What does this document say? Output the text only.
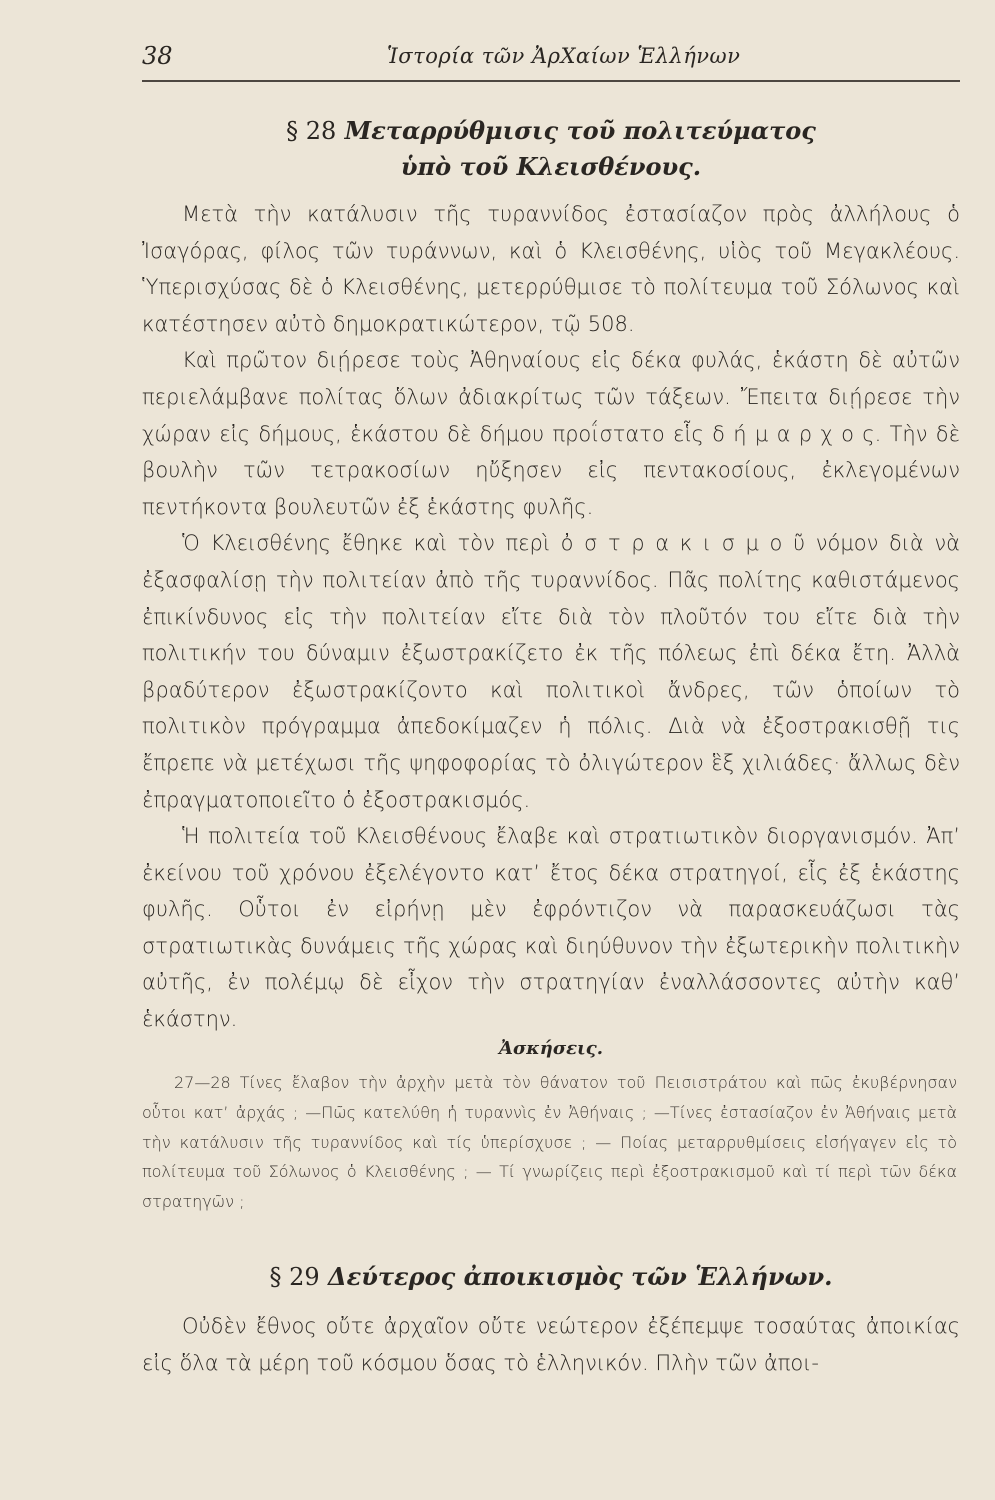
38	Ἱστορία τῶν ἈρΧαίων Ἑλλήνων
§ 28 Μεταρρύθμισις τοῦ πολιτεύματος
ὑπὸ τοῦ Κλεισθένους.

Μετὰ τὴν κατάλυσιν τῆς τυραννίδος ἐστασίαζον πρὸς ἀλλήλους ὁ Ἰσαγόρας, φίλος τῶν τυράννων, καὶ ὁ Κλεισθένης, υἱὸς τοῦ Μεγακλέους. Ὑπερισχύσας δὲ ὁ Κλεισθένης, μετερρύθμισε τὸ πολίτευμα τοῦ Σόλωνος καὶ κατέστησεν αὐτὸ δημοκρατικώτερον, τῷ 508.

Καὶ πρῶτον διῄρεσε τοὺς Ἀθηναίους εἰς δέκα φυλάς, ἑκάστη δὲ αὐτῶν περιελάμβανε πολίτας ὅλων ἀδιακρίτως τῶν τάξεων. Ἔπειτα διῄρεσε τὴν χώραν εἰς δήμους, ἑκάστου δὲ δήμου προΐστατο εἷς δ ή μ α ρ χ ο ς. Τὴν δὲ βουλὴν τῶν τετρακοσίων ηὔξησεν εἰς πεντακοσίους, ἐκλεγομένων πεντήκοντα βουλευτῶν ἐξ ἑκάστης φυλῆς.

Ὁ Κλεισθένης ἔθηκε καὶ τὸν περὶ ὀ σ τ ρ α κ ι σ μ ο ῦ νόμον διὰ νὰ ἐξασφαλίσῃ τὴν πολιτείαν ἀπὸ τῆς τυραννίδος. Πᾶς πολίτης καθιστάμενος ἐπικίνδυνος εἰς τὴν πολιτείαν εἴτε διὰ τὸν πλοῦτόν του εἴτε διὰ τὴν πολιτικήν του δύναμιν ἐξωστρακίζετο ἐκ τῆς πόλεως ἐπὶ δέκα ἔτη. Ἀλλὰ βραδύτερον ἐξωστρακίζοντο καὶ πολιτικοὶ ἄνδρες, τῶν ὁποίων τὸ πολιτικὸν πρόγραμμα ἀπεδοκίμαζεν ἡ πόλις. Διὰ νὰ ἐξοστρακισθῇ τις ἔπρεπε νὰ μετέχωσι τῆς ψηφοφορίας τὸ ὀλιγώτερον ἓξ χιλιάδες· ἄλλως δὲν ἐπραγματοποιεῖτο ὁ ἐξοστρακισμός.

Ἡ πολιτεία τοῦ Κλεισθένους ἔλαβε καὶ στρατιωτικὸν διοργανισμόν. Ἀπ’ ἐκείνου τοῦ χρόνου ἐξελέγοντο κατ’ ἔτος δέκα στρατηγοί, εἷς ἐξ ἑκάστης φυλῆς. Οὗτοι ἐν εἰρήνῃ μὲν ἐφρόντιζον νὰ παρασκευάζωσι τὰς στρατιωτικὰς δυνάμεις τῆς χώρας καὶ διηύθυνον τὴν ἐξωτερικὴν πολιτικὴν αὐτῆς, ἐν πολέμῳ δὲ εἶχον τὴν στρατηγίαν ἐναλλάσσοντες αὐτὴν καθ’ ἑκάστην.

Ἀσκήσεις.

27—28 Τίνες ἔλαβον τὴν ἀρχὴν μετὰ τὸν θάνατον τοῦ Πεισιστράτου καὶ πῶς ἐκυβέρνησαν οὗτοι κατ’ ἀρχάς ; —Πῶς κατελύθη ἡ τυραννὶς ἐν Ἀθήναις ; —Τίνες ἐστασίαζον ἐν Ἀθήναις μετὰ τὴν κατάλυσιν τῆς τυραννίδος καὶ τίς ὑπερίσχυσε ; — Ποίας μεταρρυθμίσεις εἰσήγαγεν εἰς τὸ πολίτευμα τοῦ Σόλωνος ὁ Κλεισθένης ; — Τί γνωρίζεις περὶ ἐξοστρακισμοῦ καὶ τί περὶ τῶν δέκα στρατηγῶν ;

§ 29 Δεύτερος ἀποικισμὸς τῶν Ἑλλήνων.

Οὐδὲν ἔθνος οὔτε ἀρχαῖον οὔτε νεώτερον ἐξέπεμψε τοσαύτας ἀποικίας εἰς ὅλα τὰ μέρη τοῦ κόσμου ὅσας τὸ ἑλληνικόν. Πλὴν τῶν ἀποι-
